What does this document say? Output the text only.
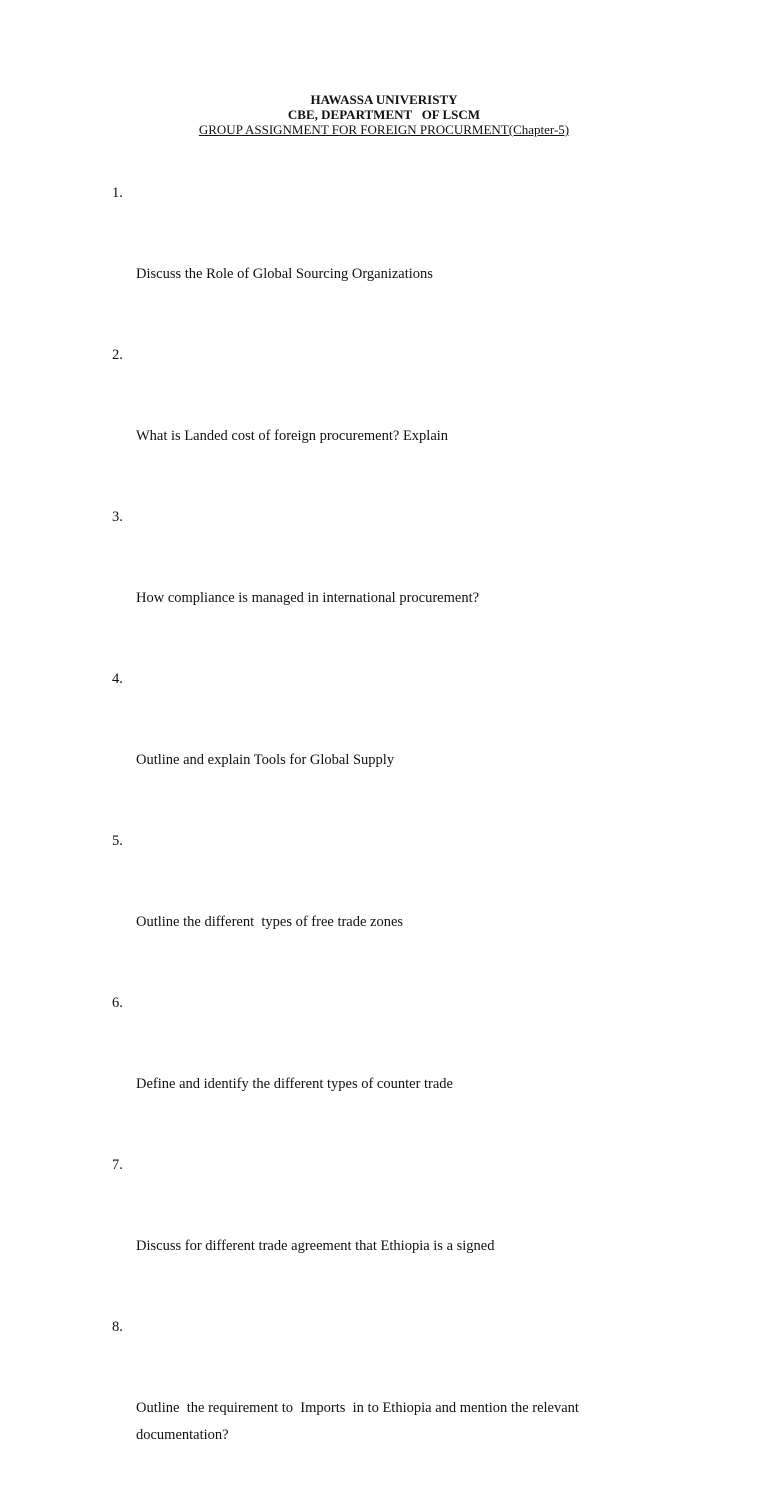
HAWASSA UNIVERISTY
CBE, DEPARTMENT   OF LSCM
GROUP ASSIGNMENT FOR FOREIGN PROCURMENT(Chapter-5)

1.

Discuss the Role of Global Sourcing Organizations

2.

What is Landed cost of foreign procurement? Explain

3.

How compliance is managed in international procurement?

4.

Outline and explain Tools for Global Supply

5.

Outline the different  types of free trade zones

6.

Define and identify the different types of counter trade

7.

Discuss for different trade agreement that Ethiopia is a signed

8.

Outline  the requirement to  Imports  in to Ethiopia and mention the relevant documentation?
